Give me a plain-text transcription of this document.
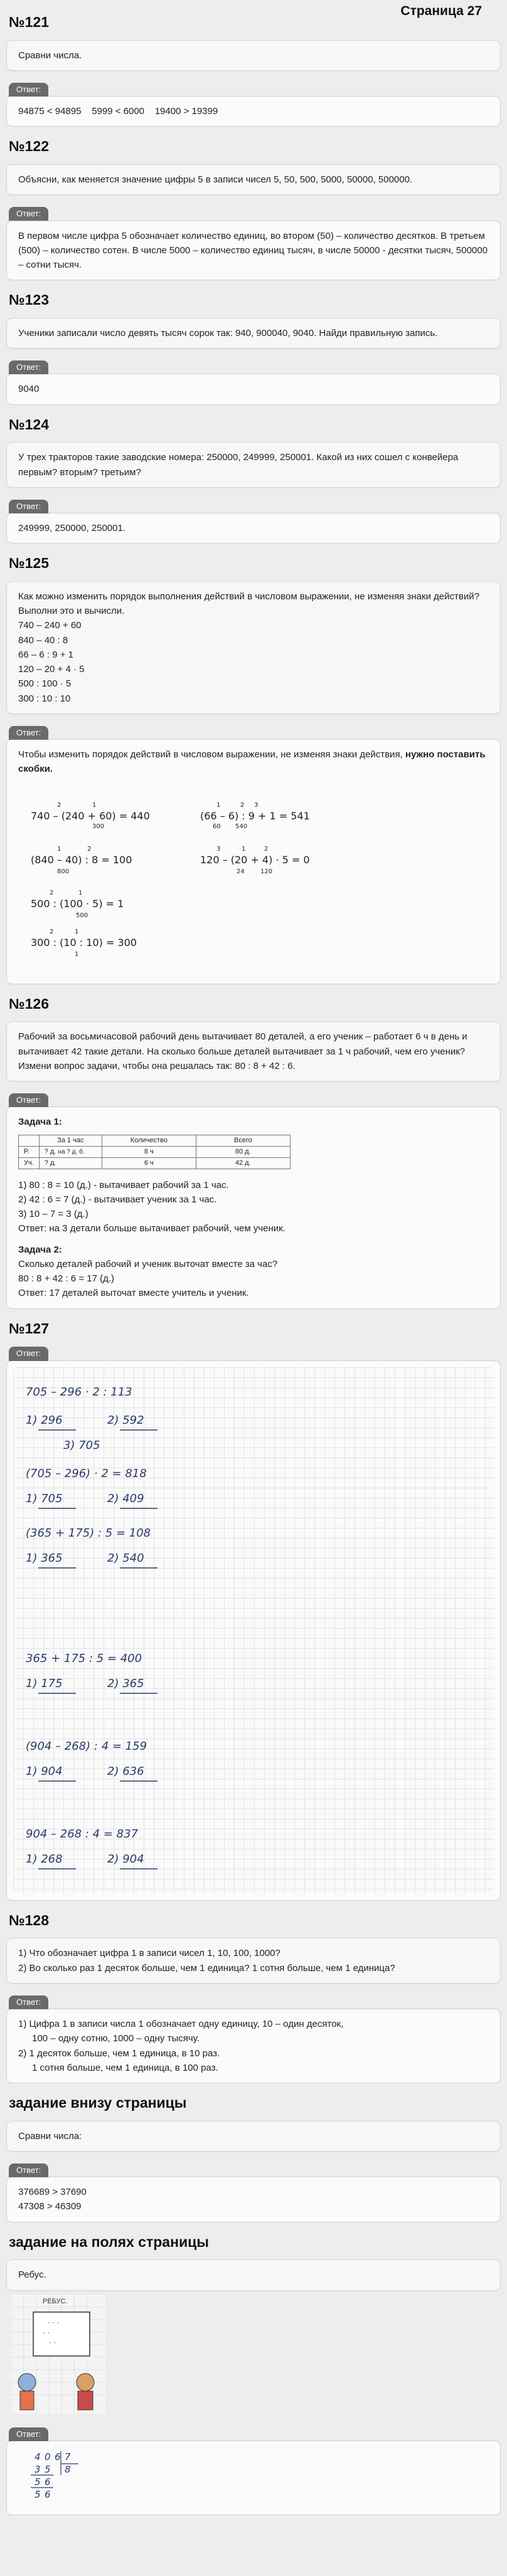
Страница 27
№121

Сравни числа.

Ответ:

94875 < 94895    5999 < 6000    19400 > 19399

№122

Объясни, как меняется значение цифры 5 в записи чисел 5, 50, 500, 5000, 50000, 500000.

Ответ:

В первом числе цифра 5 обозначает количество единиц, во втором (50) – количество десятков. В третьем (500) – количество сотен. В числе 5000 – количество единиц тысяч, в числе 50000 - десятки тысяч, 500000 – сотни тысяч.

№123

Ученики записали число девять тысяч сорок так: 940, 900040, 9040. Найди правильную запись.

Ответ:

9040

№124

У трех тракторов такие заводские номера: 250000, 249999, 250001. Какой из них сошел с конвейера первым? вторым? третьим?

Ответ:

249999, 250000, 250001.

№125

Как можно изменить порядок выполнения действий в числовом выражении, не изменяя знаки действий? Выполни это и вычисли.

740 – 240 + 60

840 – 40 : 8

66 – 6 : 9 + 1

120 – 20 + 4 · 5

500 : 100 · 5

300 : 10 : 10

Ответ:

Чтобы изменить порядок действий в числовом выражении, не изменяя знаки действия, нужно поставить скобки.

740 – (240 + 60) = 440
2	1
300
(66 – 6) : 9 + 1 = 541
1	2 3
60 540
(840 – 40) : 8 = 100
1	2
800
120 – (20 + 4) · 5 = 0
3	1	2
24	120
500 : (100 · 5) = 1
2	1
500
300 : (10 : 10) = 300
2	1
1
№126

Рабочий за восьмичасовой рабочий день вытачивает 80 деталей, а его ученик – работает 6 ч в день и вытачивает 42 такие детали. На сколько больше деталей вытачивает за 1 ч рабочий, чем его ученик?

Измени вопрос задачи, чтобы она решалась так: 80 : 8 + 42 : 6.

Ответ:

Задача 1:

	За 1 час	Количество	Всего
Р.	? д. на ? д. б.	8 ч	80 д.
Уч.	? д.	6 ч	42 д.

1) 80 : 8 = 10 (д.) - вытачивает рабочий за 1 час.

2) 42 : 6 = 7 (д.) - вытачивает ученик за 1 час.

3) 10 – 7 = 3 (д.)

Ответ: на 3 детали больше вытачивает рабочий, чем ученик.

Задача 2:

Сколько деталей рабочий и ученик выточат вместе за час?

80 : 8 + 42 : 6 = 17 (д.)

Ответ: 17 деталей выточат вместе учитель и ученик.

№127
Ответ:
705 – 296 · 2 : 113
1) 296	2) 592
3) 705
(705 – 296) · 2 = 818
1) 705	2) 409
(365 + 175) : 5 = 108
1) 365	2) 540
365 + 175 : 5 = 400
1) 175	2) 365
(904 – 268) : 4 = 159
1) 904	2) 636
904 – 268 : 4 = 837
1) 268	2) 904
№128

1) Что обозначает цифра 1 в записи чисел 1, 10, 100, 1000?

2) Во сколько раз 1 десяток больше, чем 1 единица? 1 сотня больше, чем 1 единица?

Ответ:

1) Цифра 1 в записи числа 1 обозначает одну единицу, 10 – один десяток,

100 – одну сотню, 1000 – одну тысячу.

2) 1 десяток больше, чем 1 единица, в 10 раз.

1 сотня больше, чем 1 единица, в 100 раз.

задание внизу страницы

Сравни числа:

Ответ:

376689 > 37690

47308 > 46309

задание на полях страницы

Ребус.

РЕБУС.
· · ·
· ·
· ·
Ответ:
4 0 6 7
3 5 8
5 6
5 6
